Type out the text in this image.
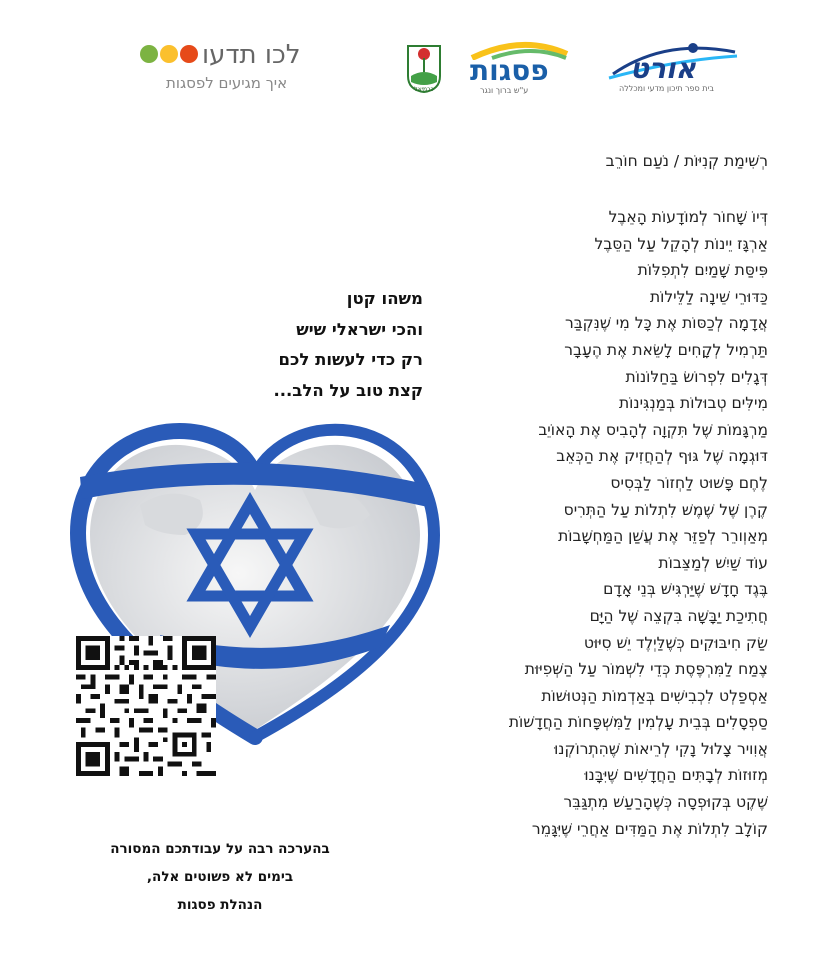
לכו תדעו
איך מגיעים לפסגות	כרמיאל
פסגות
ע"ש ברוך ונגר
אורט
בית ספר תיכון מדעי ומכללה
רְשִׁימַת קְנִיּוֹת / נֹעַם חוֹרֵב
דְּיוֹ שָׁחוֹר לְמוֹדָעוֹת הָאֵבֶל
אַרְגָּז יֵינוֹת לְהָקֵל עַל הַסֵּבֶל
פִּיסַּת שָׁמַיִם לִתְפִלּוֹת
כַּדּוּרֵי שֵׁינָה לַלֵּילוֹת
אֲדָמָה לְכַסּוֹת אֶת כָּל מִי שֶׁנִּקְבַּר
תַּרְמִיל לְקָחִים לָשֵׂאת אֶת הֶעָבָר
דְּגָלִים לִפְרוֹשׂ בַּחַלּוֹנוֹת
מִילִּים טְבוּלוֹת בְּמַנְגִּינוֹת
מַרְגָּמוֹת שֶׁל תִּקְוָה לְהָבִיס אֶת הָאוֹיֵב
דּוּגְמָה שֶׁל גּוּף לְהַחֲזִיק אֶת הַכְּאֵב
לֶחֶם פָּשׁוּט לַחְזוֹר לַבְּסִיס
קֶרֶן שֶׁל שֶׁמֶשׁ לִתְלוֹת עַל הַתְּרִיס
מְאַוְורֵר לְפַזֵּר אֶת עֲשַׁן הַמַּחְשָׁבוֹת
עוֹד שַׁיִשׁ לְמַצֵּבוֹת
בֶּגֶד חָדָשׁ שֶׁיַּרְגִּישׁ בְּנֵי אָדָם
חֲתִיכַת יַבָּשָׁה בִּקְצֵה שֶׁל הַיָּם
שַׂק חִיבּוּקִים כְּשֶׁלַּיְלֶד יֵשׁ סִיּוּט
צֶמַח לַמִּרְפֶּסֶת כְּדֵי לִשְׁמוֹר עַל הַשְּׁפִיּוּת
אַסְפַלְט לִכְבִישִׁים בְּאַדְמוֹת הַנְּטוּשׁוֹת
סַפְסָלִים בְּבֵית עָלְמִין לַמִּשְׁפָּחוֹת הַחֲדָשׁוֹת
אֲוִויר צָלוּל נָקִי לְרֵיאוֹת שֶׁהִתְרוֹקְנוּ
מְזוּזוֹת לְבָתִּים הַחֲדָשִׁים שֶׁיִּבָּנוּ
שֶׁקֶט בְּקוּפְסָה כְּשֶׁהָרַעַשׁ מִתְגַּבֵּר
קוֹלָב לִתְלוֹת אֶת הַמַּדִּים אַחֲרֵי שֶׁיִּגָּמֵר
משהו קטן
והכי ישראלי שיש
רק כדי לעשות לכם
קצת טוב על הלב...
בהערכה רבה על עבודתכם המסורה
בימים לא פשוטים אלה,
הנהלת פסגות
